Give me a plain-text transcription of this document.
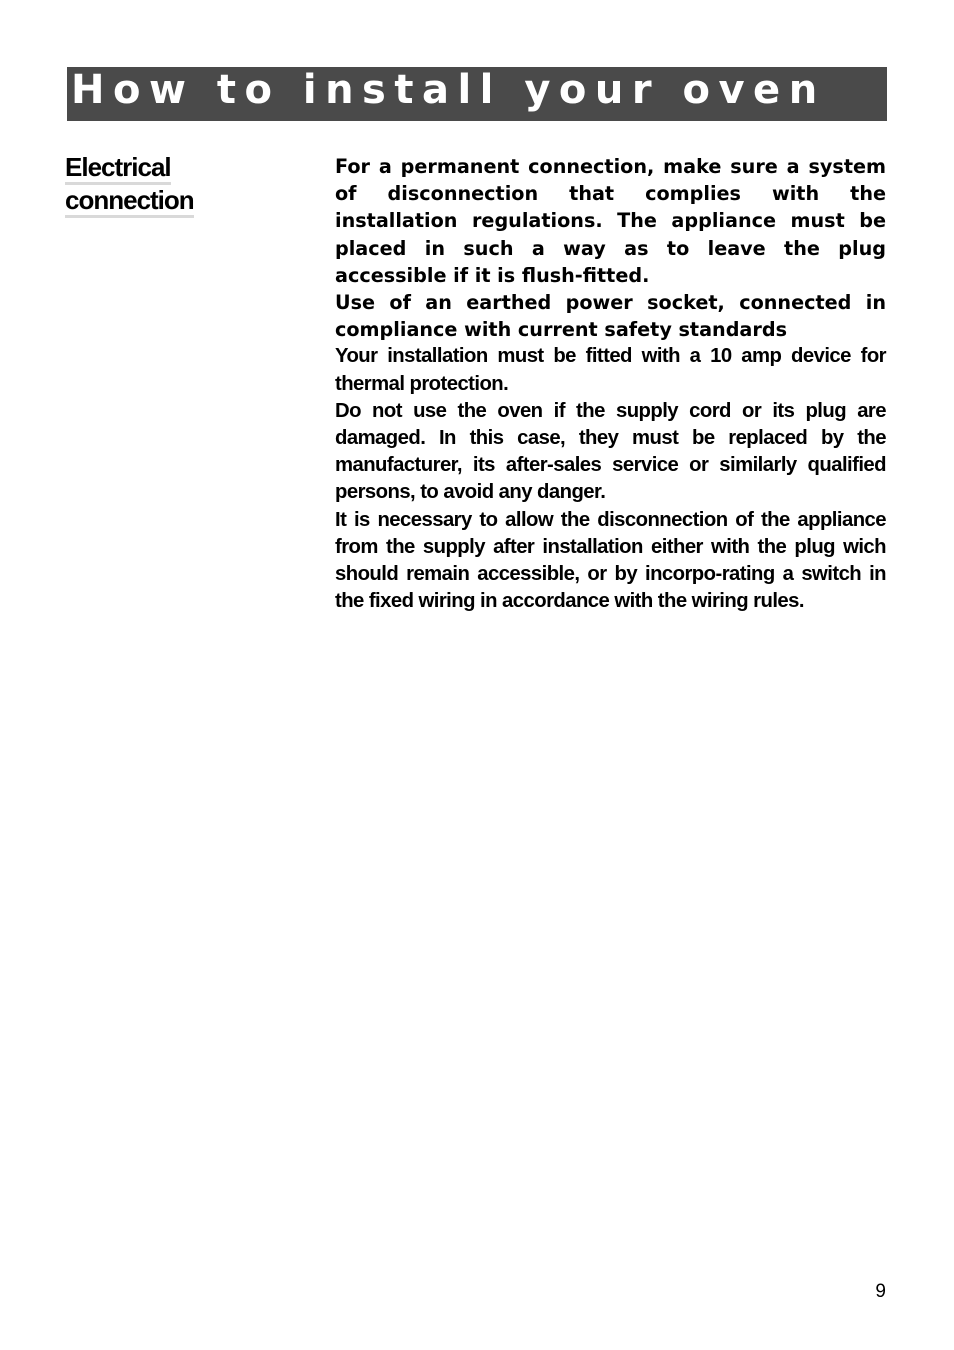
How to install your oven
Electrical
connection

For a permanent connection, make sure a system of disconnection that complies with the installation regulations. The appliance must be placed in such a way as to leave the plug accessible if it is flush-fitted.

Use of an earthed power socket, connected in compliance with current safety standards

Your installation must be fitted with a 10 amp device for thermal protection.

Do not use the oven if the supply cord or its plug are damaged. In this case, they must be replaced by the manufacturer, its after-sales service or similarly qualified persons, to avoid any danger.

It is necessary to allow the disconnection of the appliance from the supply after installation either with the plug wich should remain accessible, or by incorpo-rating a switch in the fixed wiring in accordance with the wiring rules.

9
